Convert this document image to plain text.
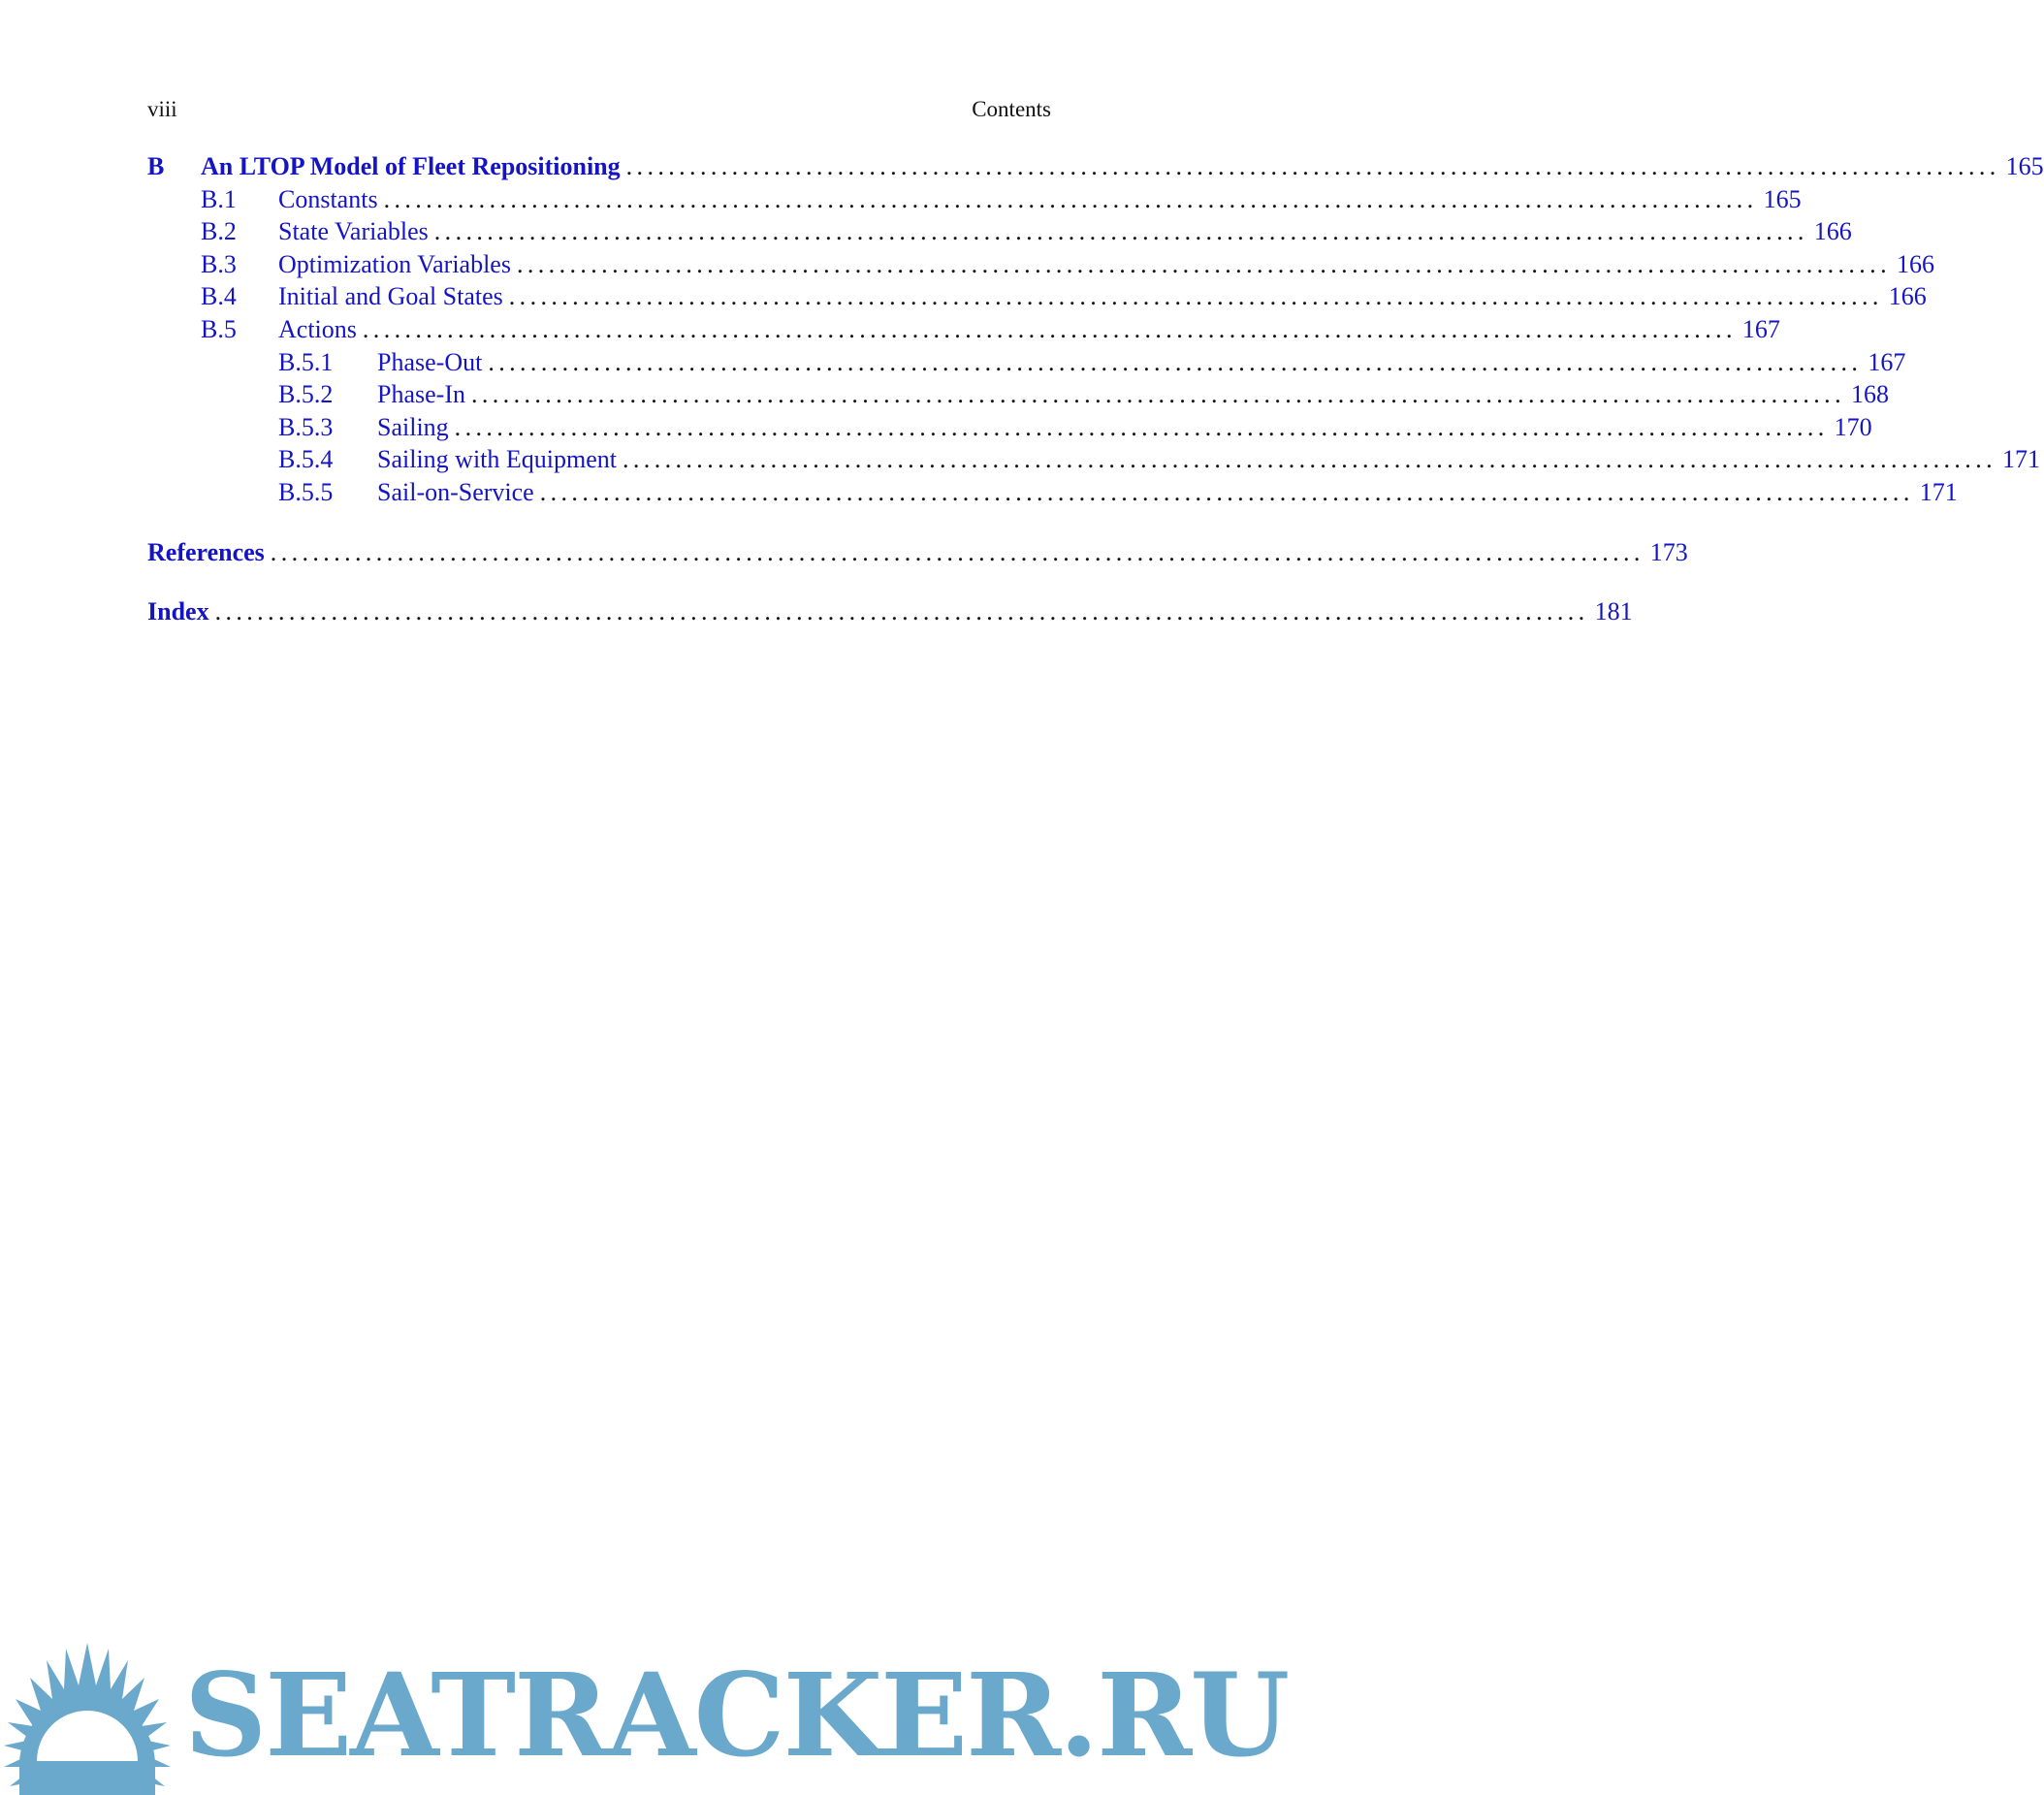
viii	Contents
B	An LTOP Model of Fleet Repositioning .................................................................................................................................. 165
B.1	Constants .................................................................................................................................. 165
B.2	State Variables .................................................................................................................................. 166
B.3	Optimization Variables .................................................................................................................................. 166
B.4	Initial and Goal States .................................................................................................................................. 166
B.5	Actions .................................................................................................................................. 167
B.5.1	Phase-Out .................................................................................................................................. 167
B.5.2	Phase-In .................................................................................................................................. 168
B.5.3	Sailing .................................................................................................................................. 170
B.5.4	Sailing with Equipment .................................................................................................................................. 171
B.5.5	Sail-on-Service .................................................................................................................................. 171
References .................................................................................................................................. 173
Index .................................................................................................................................. 181
SEATRACKER.RU
